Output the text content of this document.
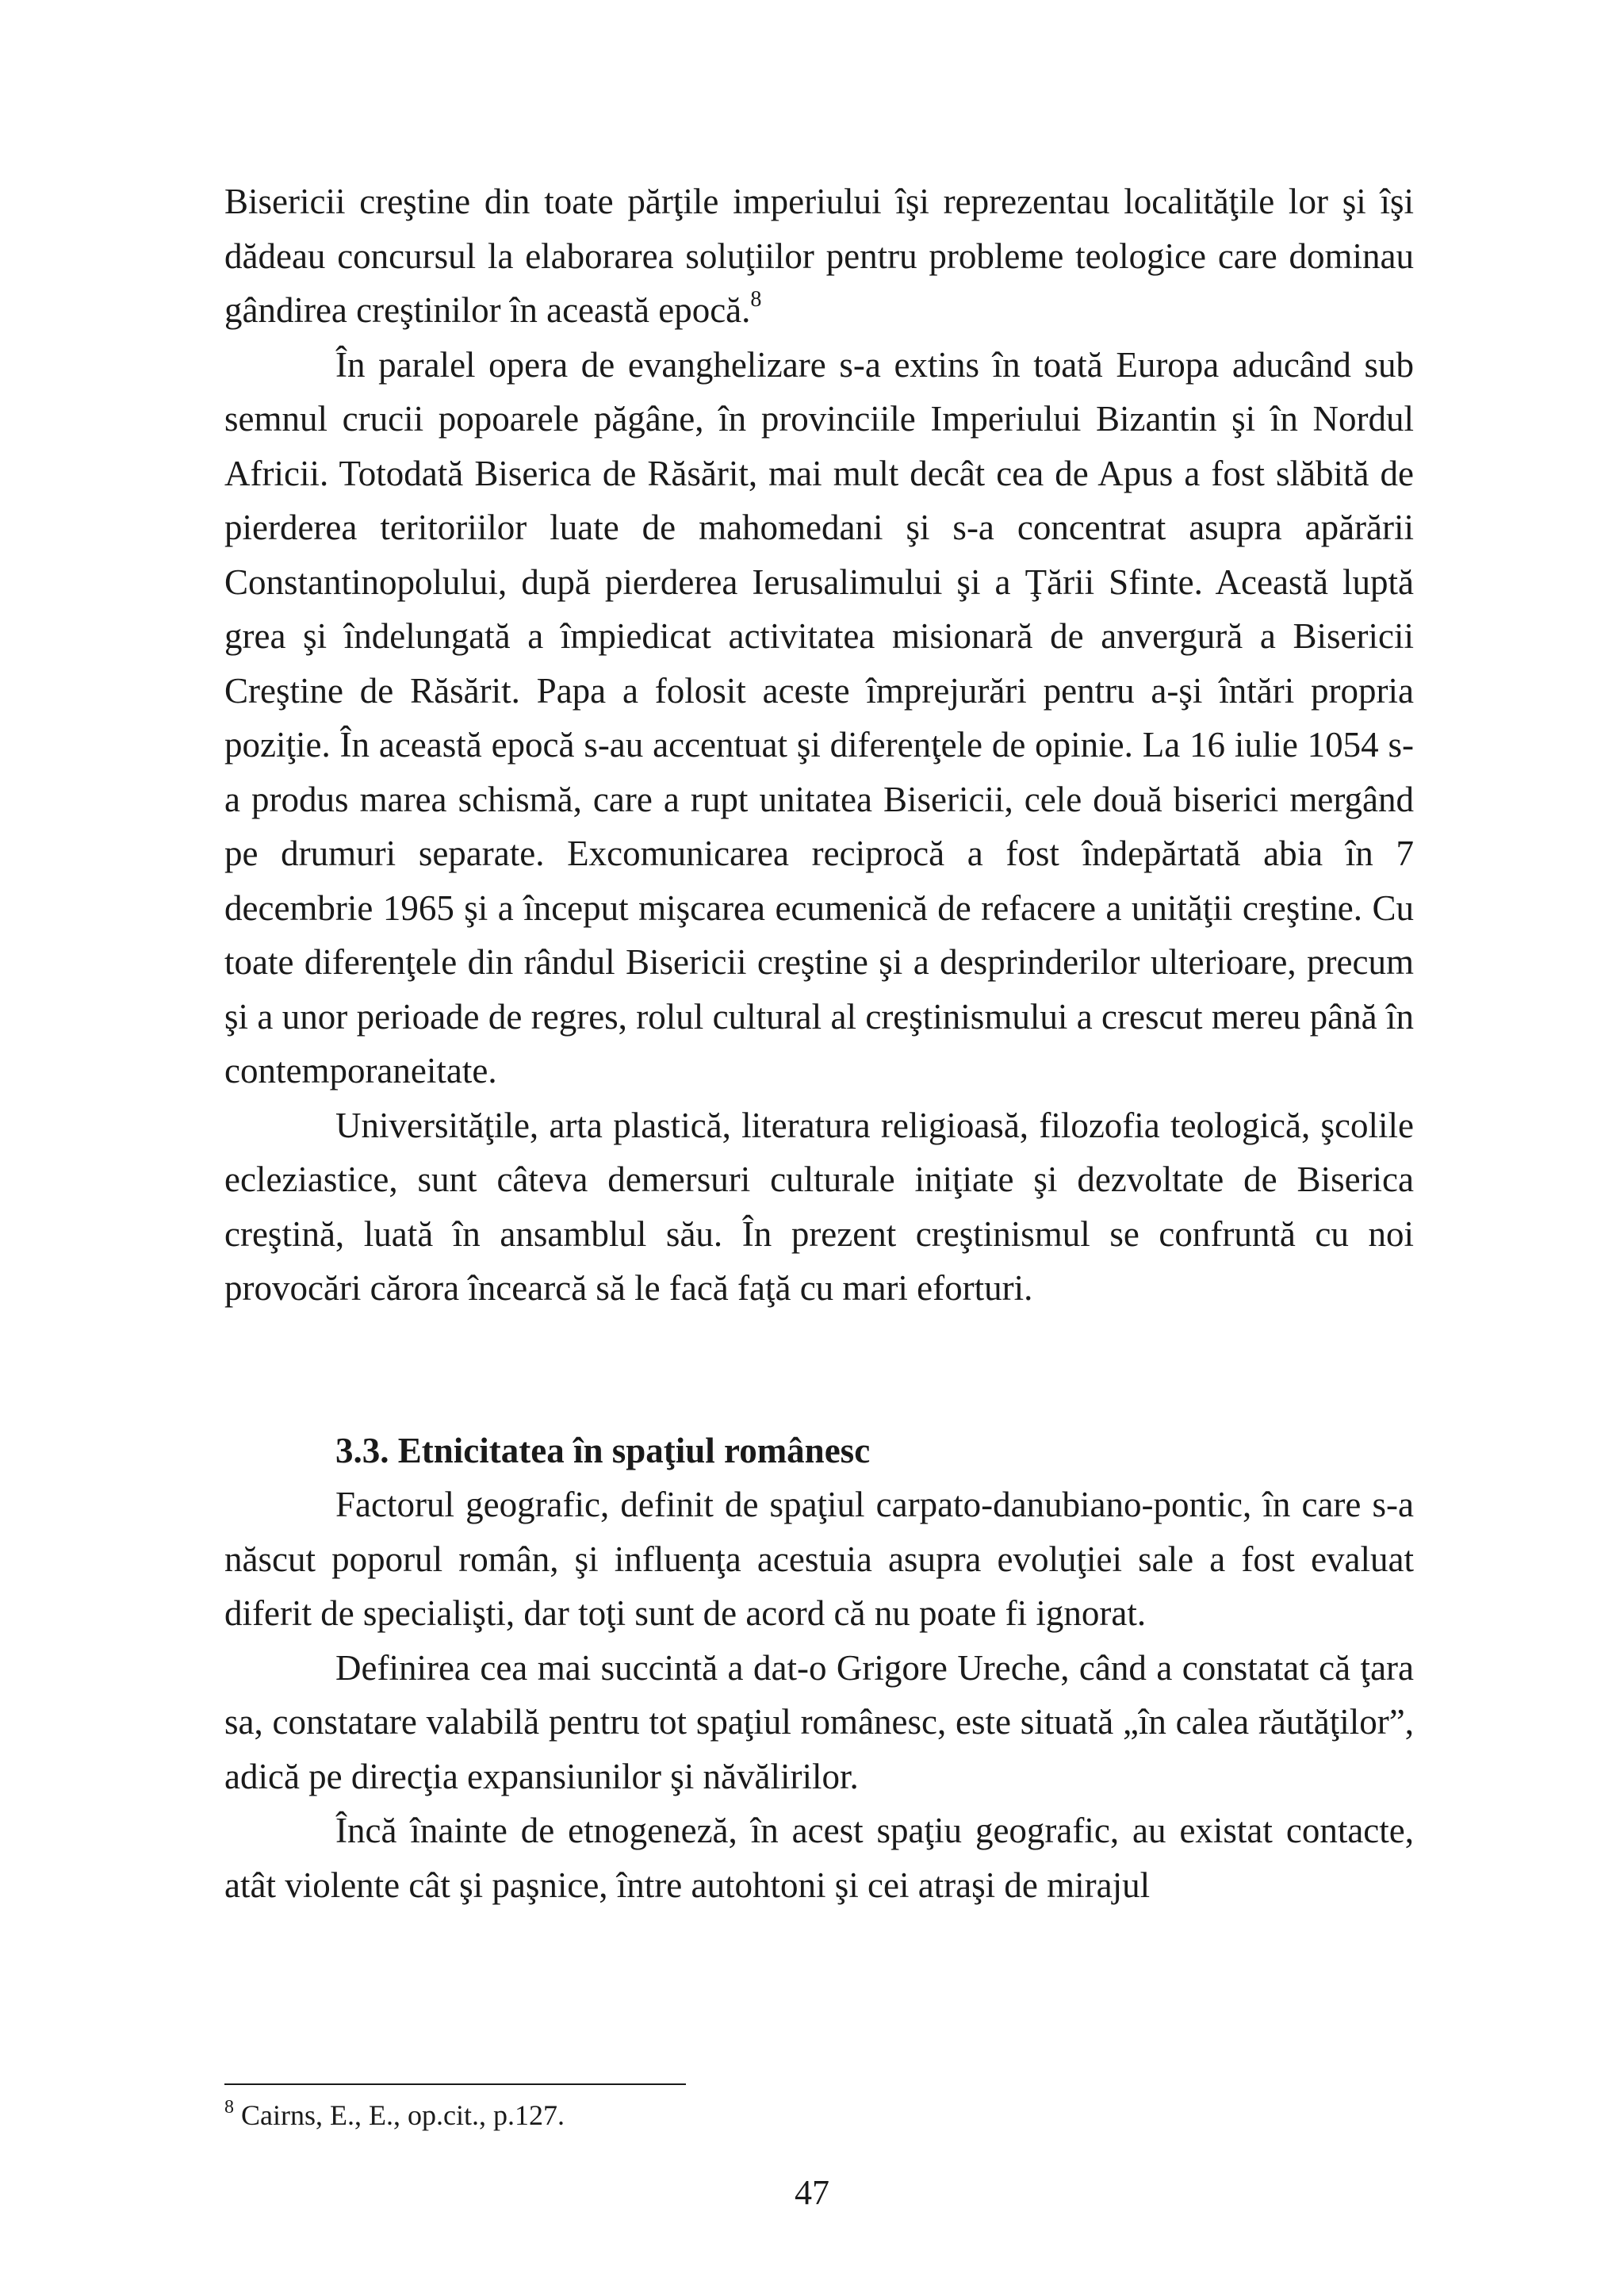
Bisericii creştine din toate părţile imperiului îşi reprezentau localităţile lor şi îşi dădeau concursul la elaborarea soluţiilor pentru probleme teologice care dominau gândirea creştinilor în această epocă.$^8$

În paralel opera de evanghelizare s-a extins în toată Europa aducând sub semnul crucii popoarele păgâne, în provinciile Imperiului Bizantin şi în Nordul Africii. Totodată Biserica de Răsărit, mai mult decât cea de Apus a fost slăbită de pierderea teritoriilor luate de mahomedani şi s-a concentrat asupra apărării Constantinopolului, după pierderea Ierusalimului şi a Ţării Sfinte. Această luptă grea şi îndelungată a împiedicat activitatea misionară de anvergură a Bisericii Creştine de Răsărit. Papa a folosit aceste împrejurări pentru a-şi întări propria poziţie. În această epocă s-au accentuat şi diferenţele de opinie. La 16 iulie 1054 s-a produs marea schismă, care a rupt unitatea Bisericii, cele două biserici mergând pe drumuri separate. Excomunicarea reciprocă a fost îndepărtată abia în 7 decembrie 1965 şi a început mişcarea ecumenică de refacere a unităţii creştine. Cu toate diferenţele din rândul Bisericii creştine şi a desprinderilor ulterioare, precum şi a unor perioade de regres, rolul cultural al creştinismului a crescut mereu până în contemporaneitate.

Universităţile, arta plastică, literatura religioasă, filozofia teologică, şcolile ecleziastice, sunt câteva demersuri culturale iniţiate şi dezvoltate de Biserica creştină, luată în ansamblul său. În prezent creştinismul se confruntă cu noi provocări cărora încearcă să le facă faţă cu mari eforturi.

3.3. Etnicitatea în spaţiul românesc

Factorul geografic, definit de spaţiul carpato-danubiano-pontic, în care s-a născut poporul român, şi influenţa acestuia asupra evoluţiei sale a fost evaluat diferit de specialişti, dar toţi sunt de acord că nu poate fi ignorat.

Definirea cea mai succintă a dat-o Grigore Ureche, când a constatat că ţara sa, constatare valabilă pentru tot spaţiul românesc, este situată „în calea răutăţilor”, adică pe direcţia expansiunilor şi năvălirilor.

Încă înainte de etnogeneză, în acest spaţiu geografic, au existat contacte, atât violente cât şi paşnice, între autohtoni şi cei atraşi de mirajul

$^8$ Cairns, E., E., op.cit., p.127.
47
